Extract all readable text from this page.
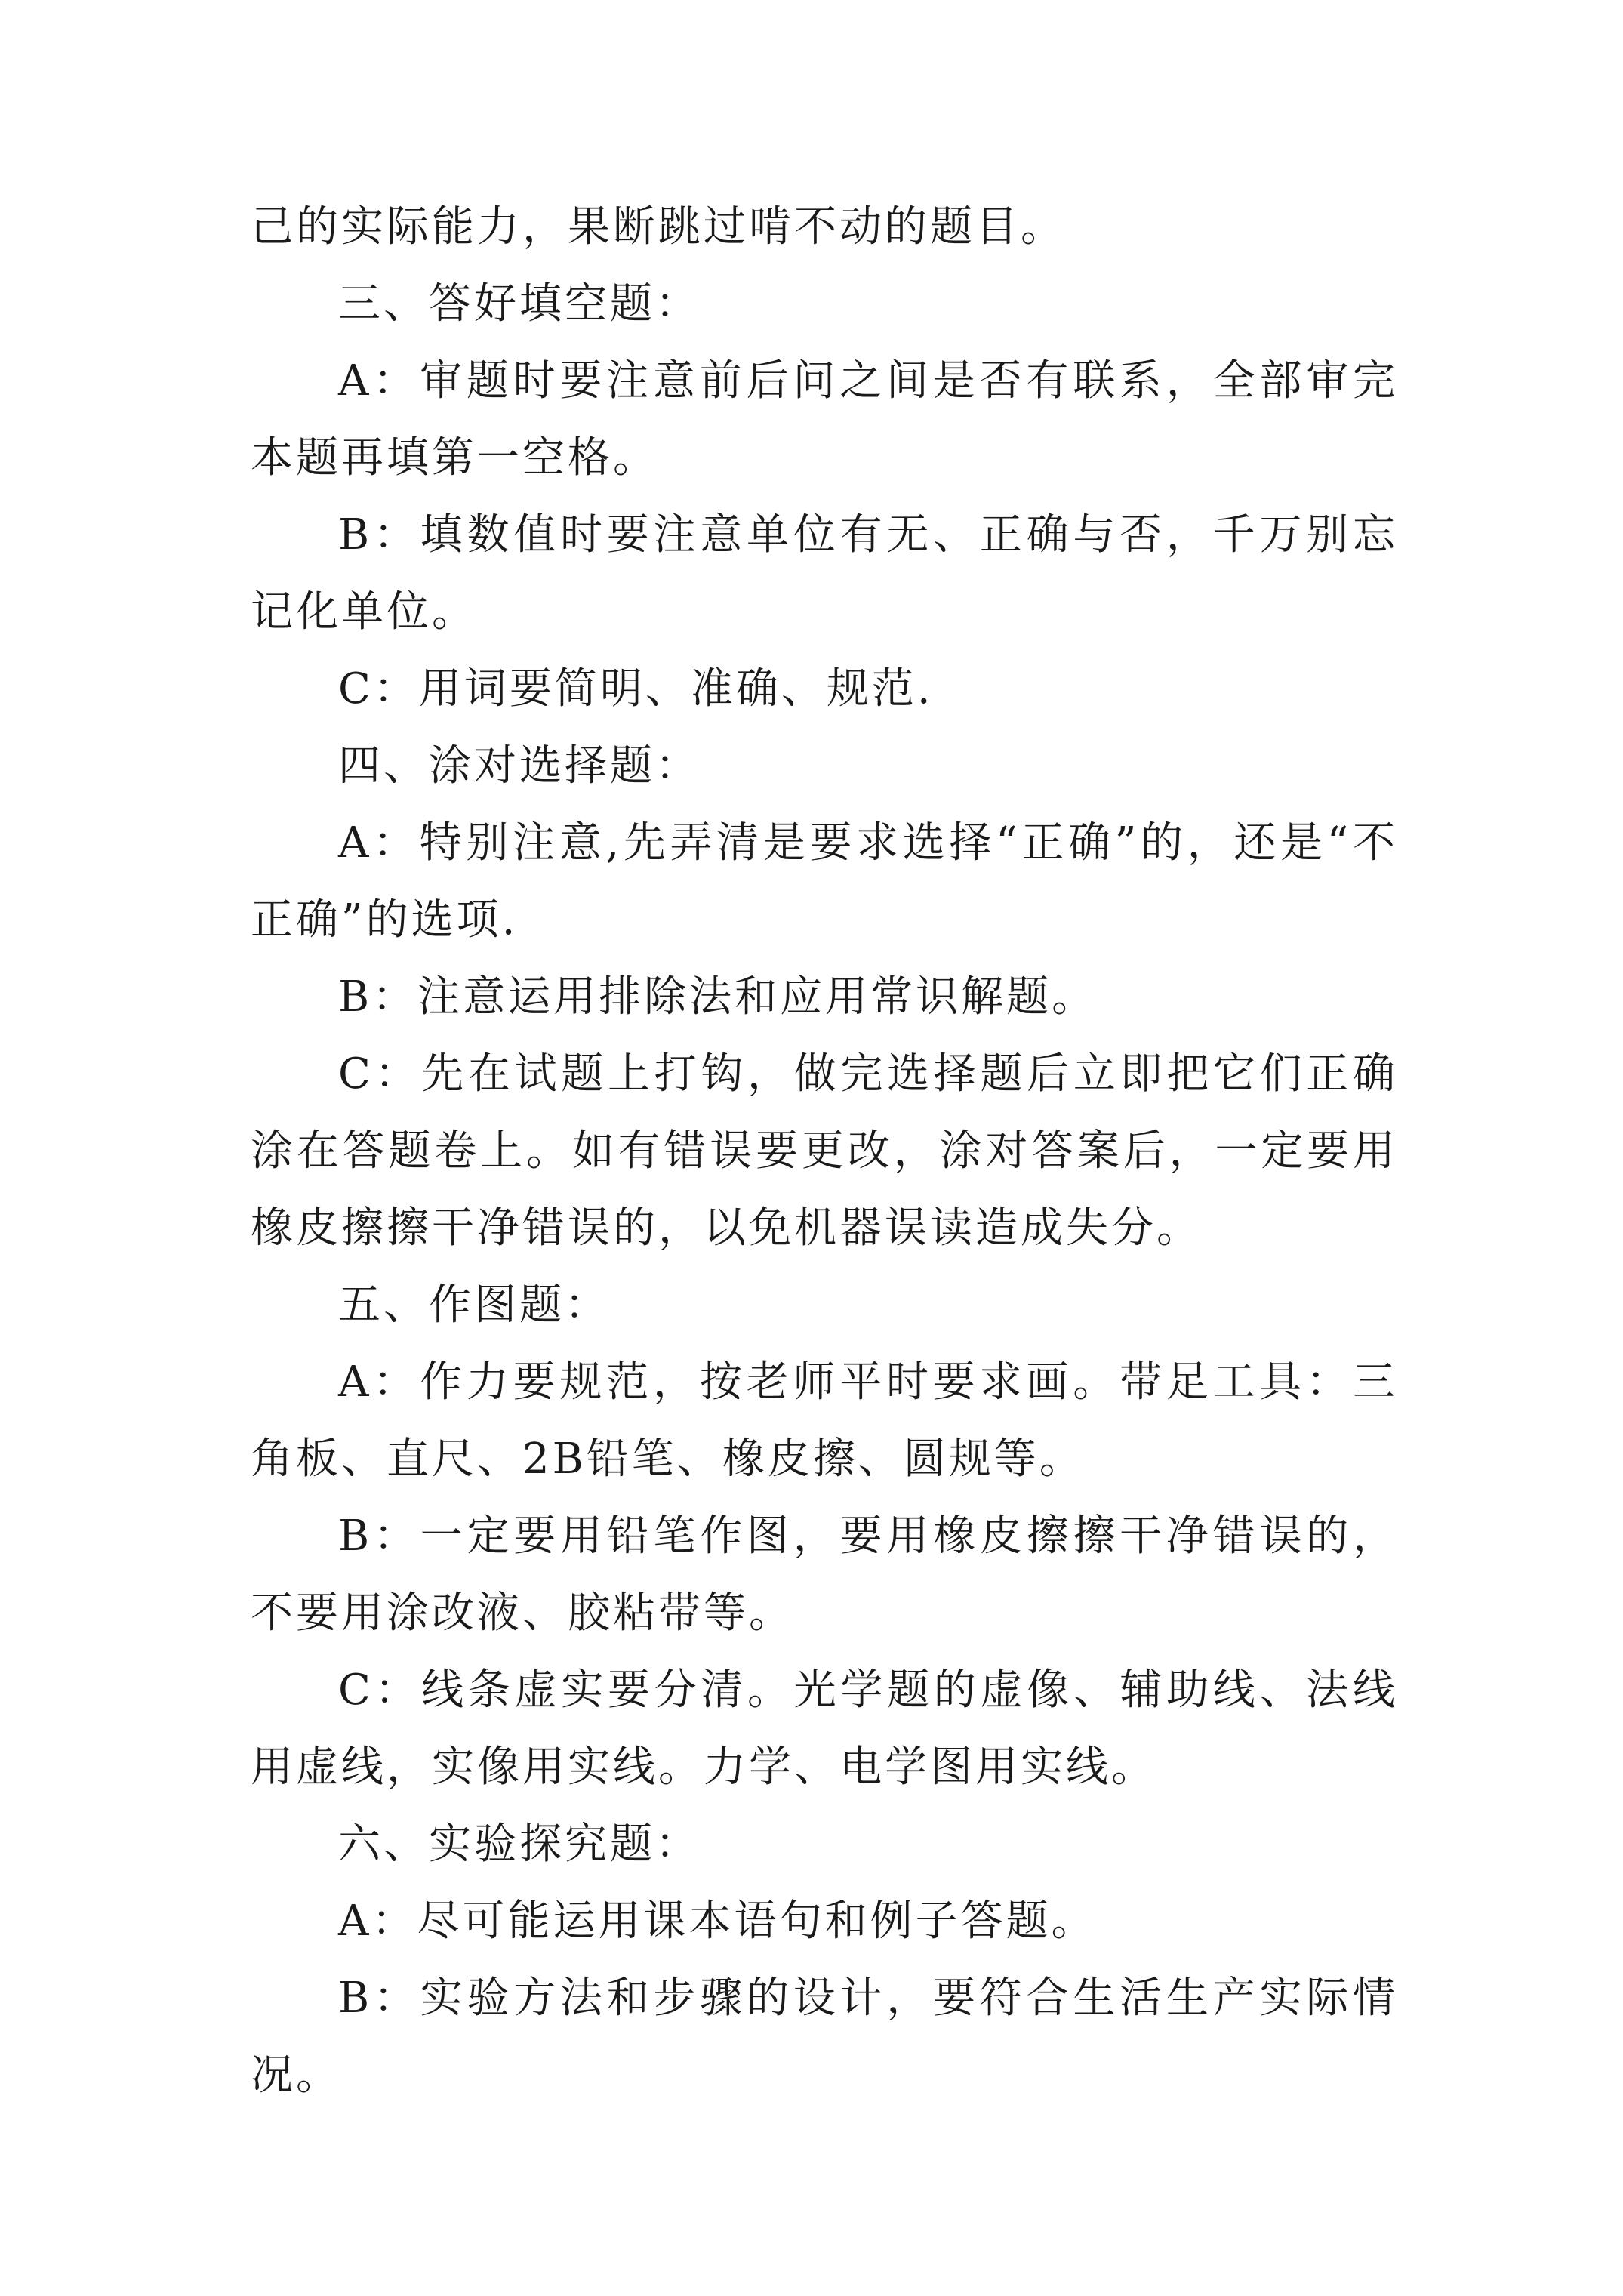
己的实际能力，果断跳过啃不动的题目。

三、答好填空题：

A：审题时要注意前后问之间是否有联系，全部审完本题再填第一空格。

B：填数值时要注意单位有无、正确与否，千万别忘记化单位。

C：用词要简明、准确、规范.

四、涂对选择题：

A：特别注意,先弄清是要求选择“正确”的，还是“不正确”的选项.

B：注意运用排除法和应用常识解题。

C：先在试题上打钩，做完选择题后立即把它们正确涂在答题卷上。如有错误要更改，涂对答案后，一定要用橡皮擦擦干净错误的，以免机器误读造成失分。

五、作图题：

A：作力要规范，按老师平时要求画。带足工具：三角板、直尺、2B铅笔、橡皮擦、圆规等。

B：一定要用铅笔作图，要用橡皮擦擦干净错误的，不要用涂改液、胶粘带等。

C：线条虚实要分清。光学题的虚像、辅助线、法线用虚线，实像用实线。力学、电学图用实线。

六、实验探究题：

A：尽可能运用课本语句和例子答题。

B：实验方法和步骤的设计，要符合生活生产实际情况。
